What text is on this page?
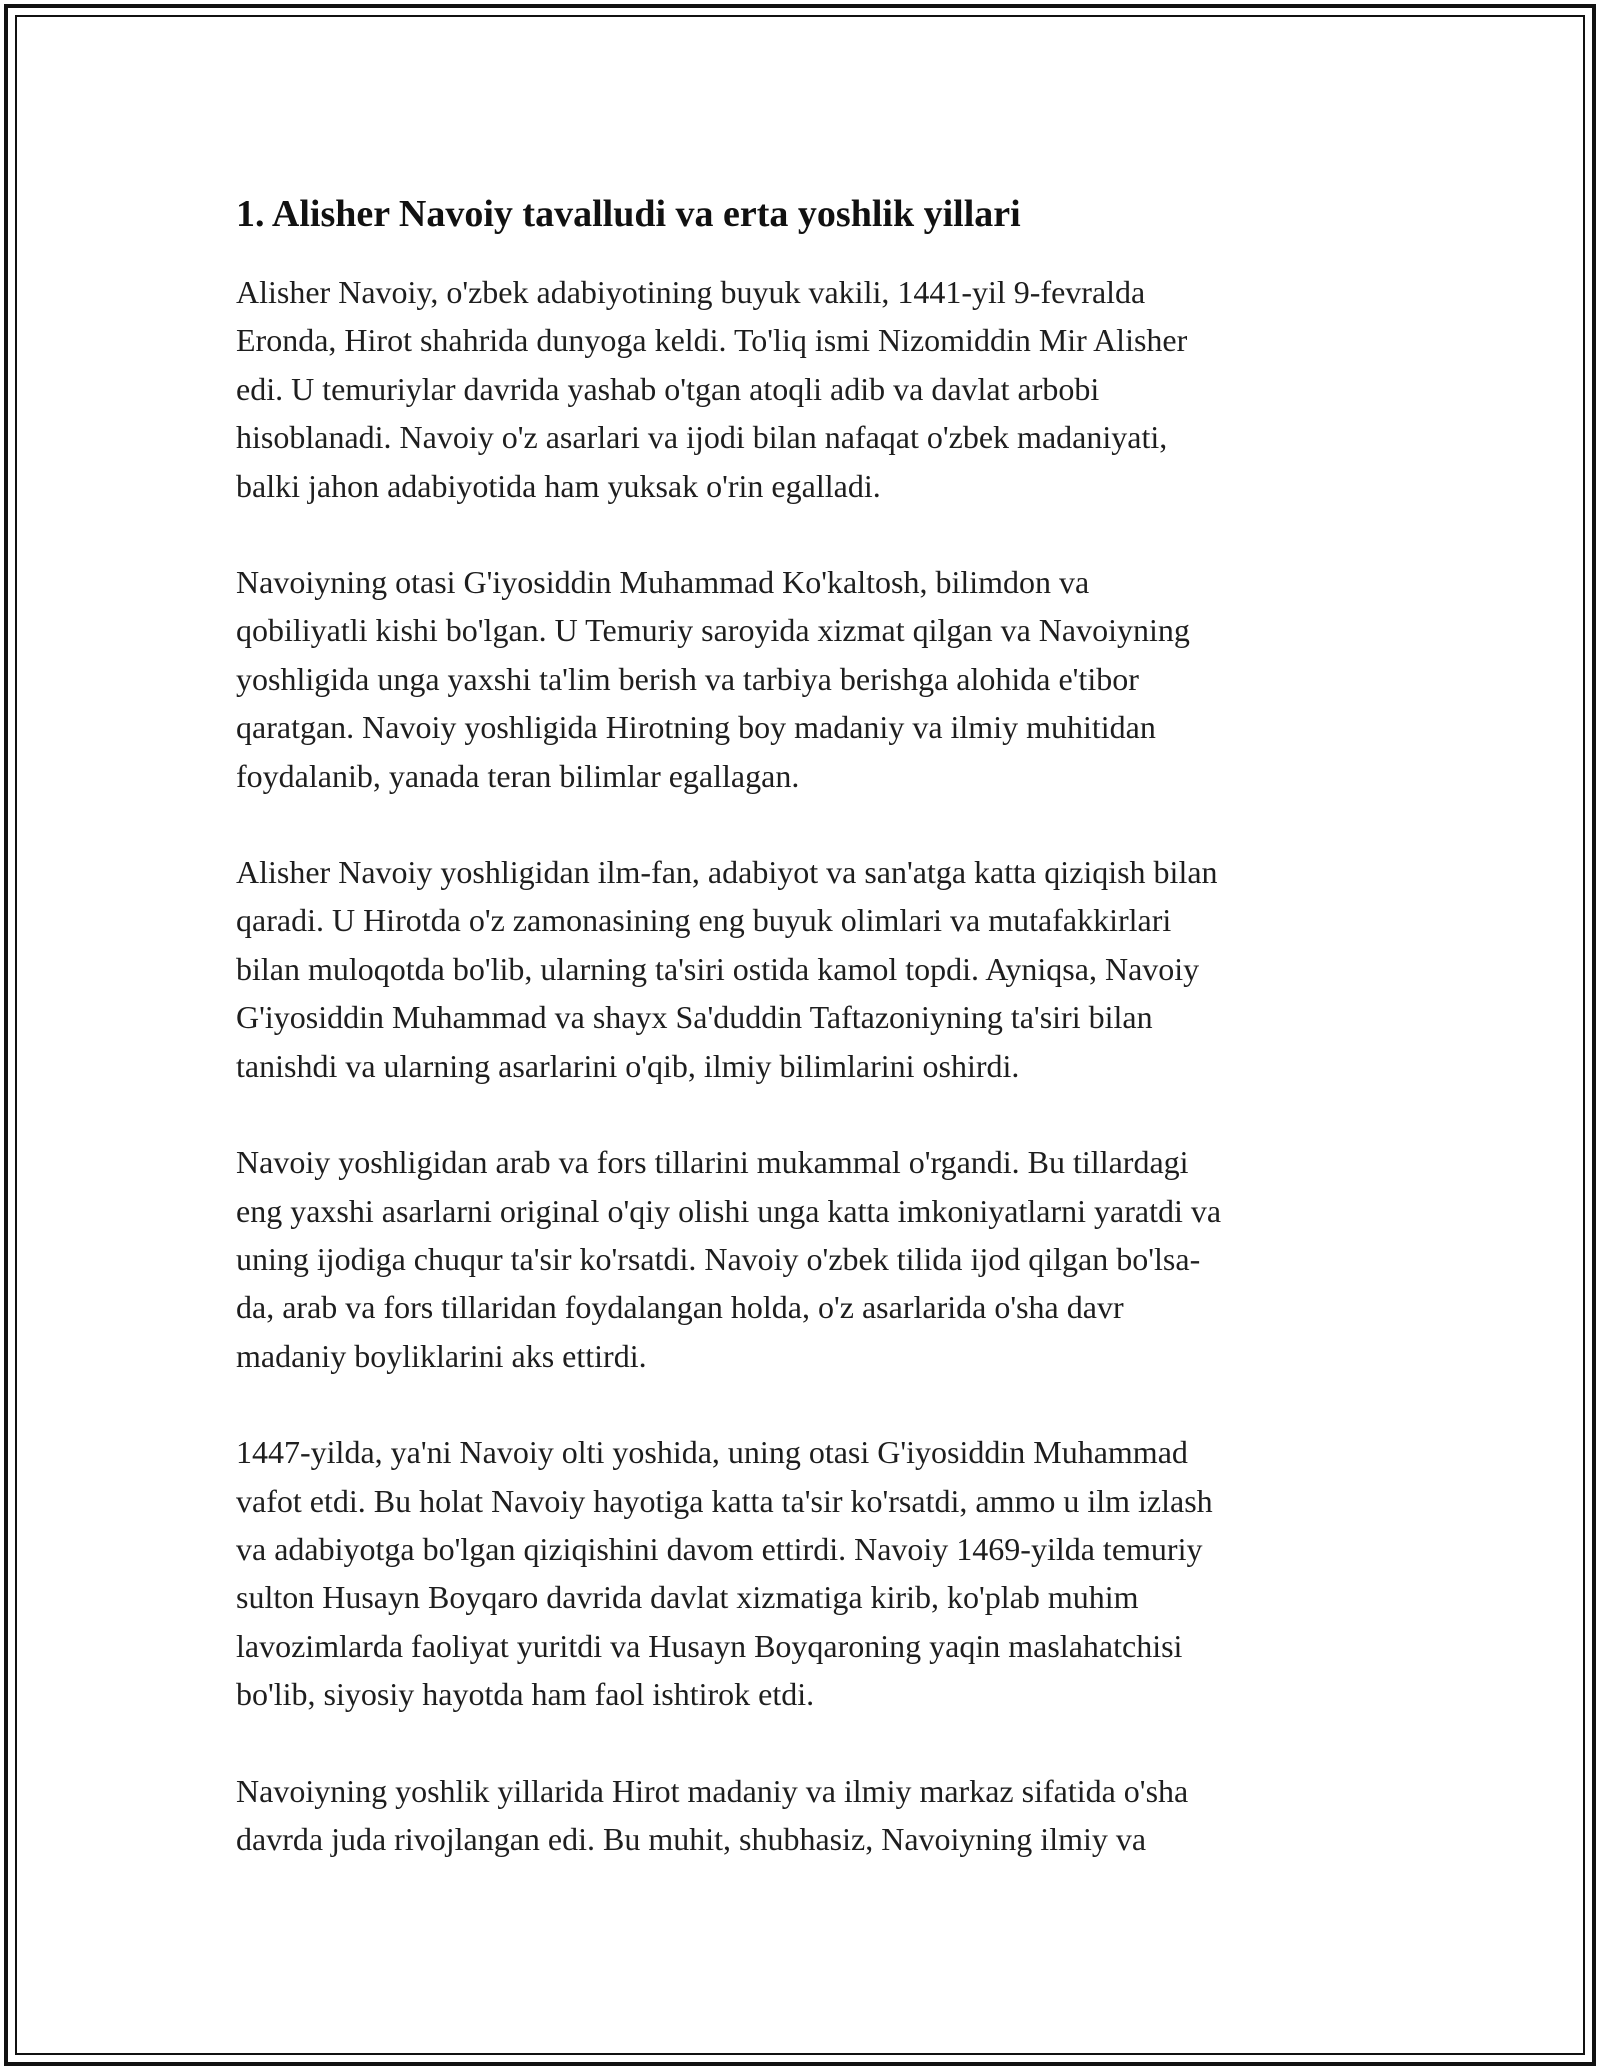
1. Alisher Navoiy tavalludi va erta yoshlik yillari

Alisher Navoiy, o'zbek adabiyotining buyuk vakili, 1441-yil 9-fevralda
Eronda, Hirot shahrida dunyoga keldi. To'liq ismi Nizomiddin Mir Alisher
edi. U temuriylar davrida yashab o'tgan atoqli adib va davlat arbobi
hisoblanadi. Navoiy o'z asarlari va ijodi bilan nafaqat o'zbek madaniyati,
balki jahon adabiyotida ham yuksak o'rin egalladi.

Navoiyning otasi G'iyosiddin Muhammad Ko'kaltosh, bilimdon va
qobiliyatli kishi bo'lgan. U Temuriy saroyida xizmat qilgan va Navoiyning
yoshligida unga yaxshi ta'lim berish va tarbiya berishga alohida e'tibor
qaratgan. Navoiy yoshligida Hirotning boy madaniy va ilmiy muhitidan
foydalanib, yanada teran bilimlar egallagan.

Alisher Navoiy yoshligidan ilm-fan, adabiyot va san'atga katta qiziqish bilan
qaradi. U Hirotda o'z zamonasining eng buyuk olimlari va mutafakkirlari
bilan muloqotda bo'lib, ularning ta'siri ostida kamol topdi. Ayniqsa, Navoiy
G'iyosiddin Muhammad va shayx Sa'duddin Taftazoniyning ta'siri bilan
tanishdi va ularning asarlarini o'qib, ilmiy bilimlarini oshirdi.

Navoiy yoshligidan arab va fors tillarini mukammal o'rgandi. Bu tillardagi
eng yaxshi asarlarni original o'qiy olishi unga katta imkoniyatlarni yaratdi va
uning ijodiga chuqur ta'sir ko'rsatdi. Navoiy o'zbek tilida ijod qilgan bo'lsa-
da, arab va fors tillaridan foydalangan holda, o'z asarlarida o'sha davr
madaniy boyliklarini aks ettirdi.

1447-yilda, ya'ni Navoiy olti yoshida, uning otasi G'iyosiddin Muhammad
vafot etdi. Bu holat Navoiy hayotiga katta ta'sir ko'rsatdi, ammo u ilm izlash
va adabiyotga bo'lgan qiziqishini davom ettirdi. Navoiy 1469-yilda temuriy
sulton Husayn Boyqaro davrida davlat xizmatiga kirib, ko'plab muhim
lavozimlarda faoliyat yuritdi va Husayn Boyqaroning yaqin maslahatchisi
bo'lib, siyosiy hayotda ham faol ishtirok etdi.

Navoiyning yoshlik yillarida Hirot madaniy va ilmiy markaz sifatida o'sha
davrda juda rivojlangan edi. Bu muhit, shubhasiz, Navoiyning ilmiy va
